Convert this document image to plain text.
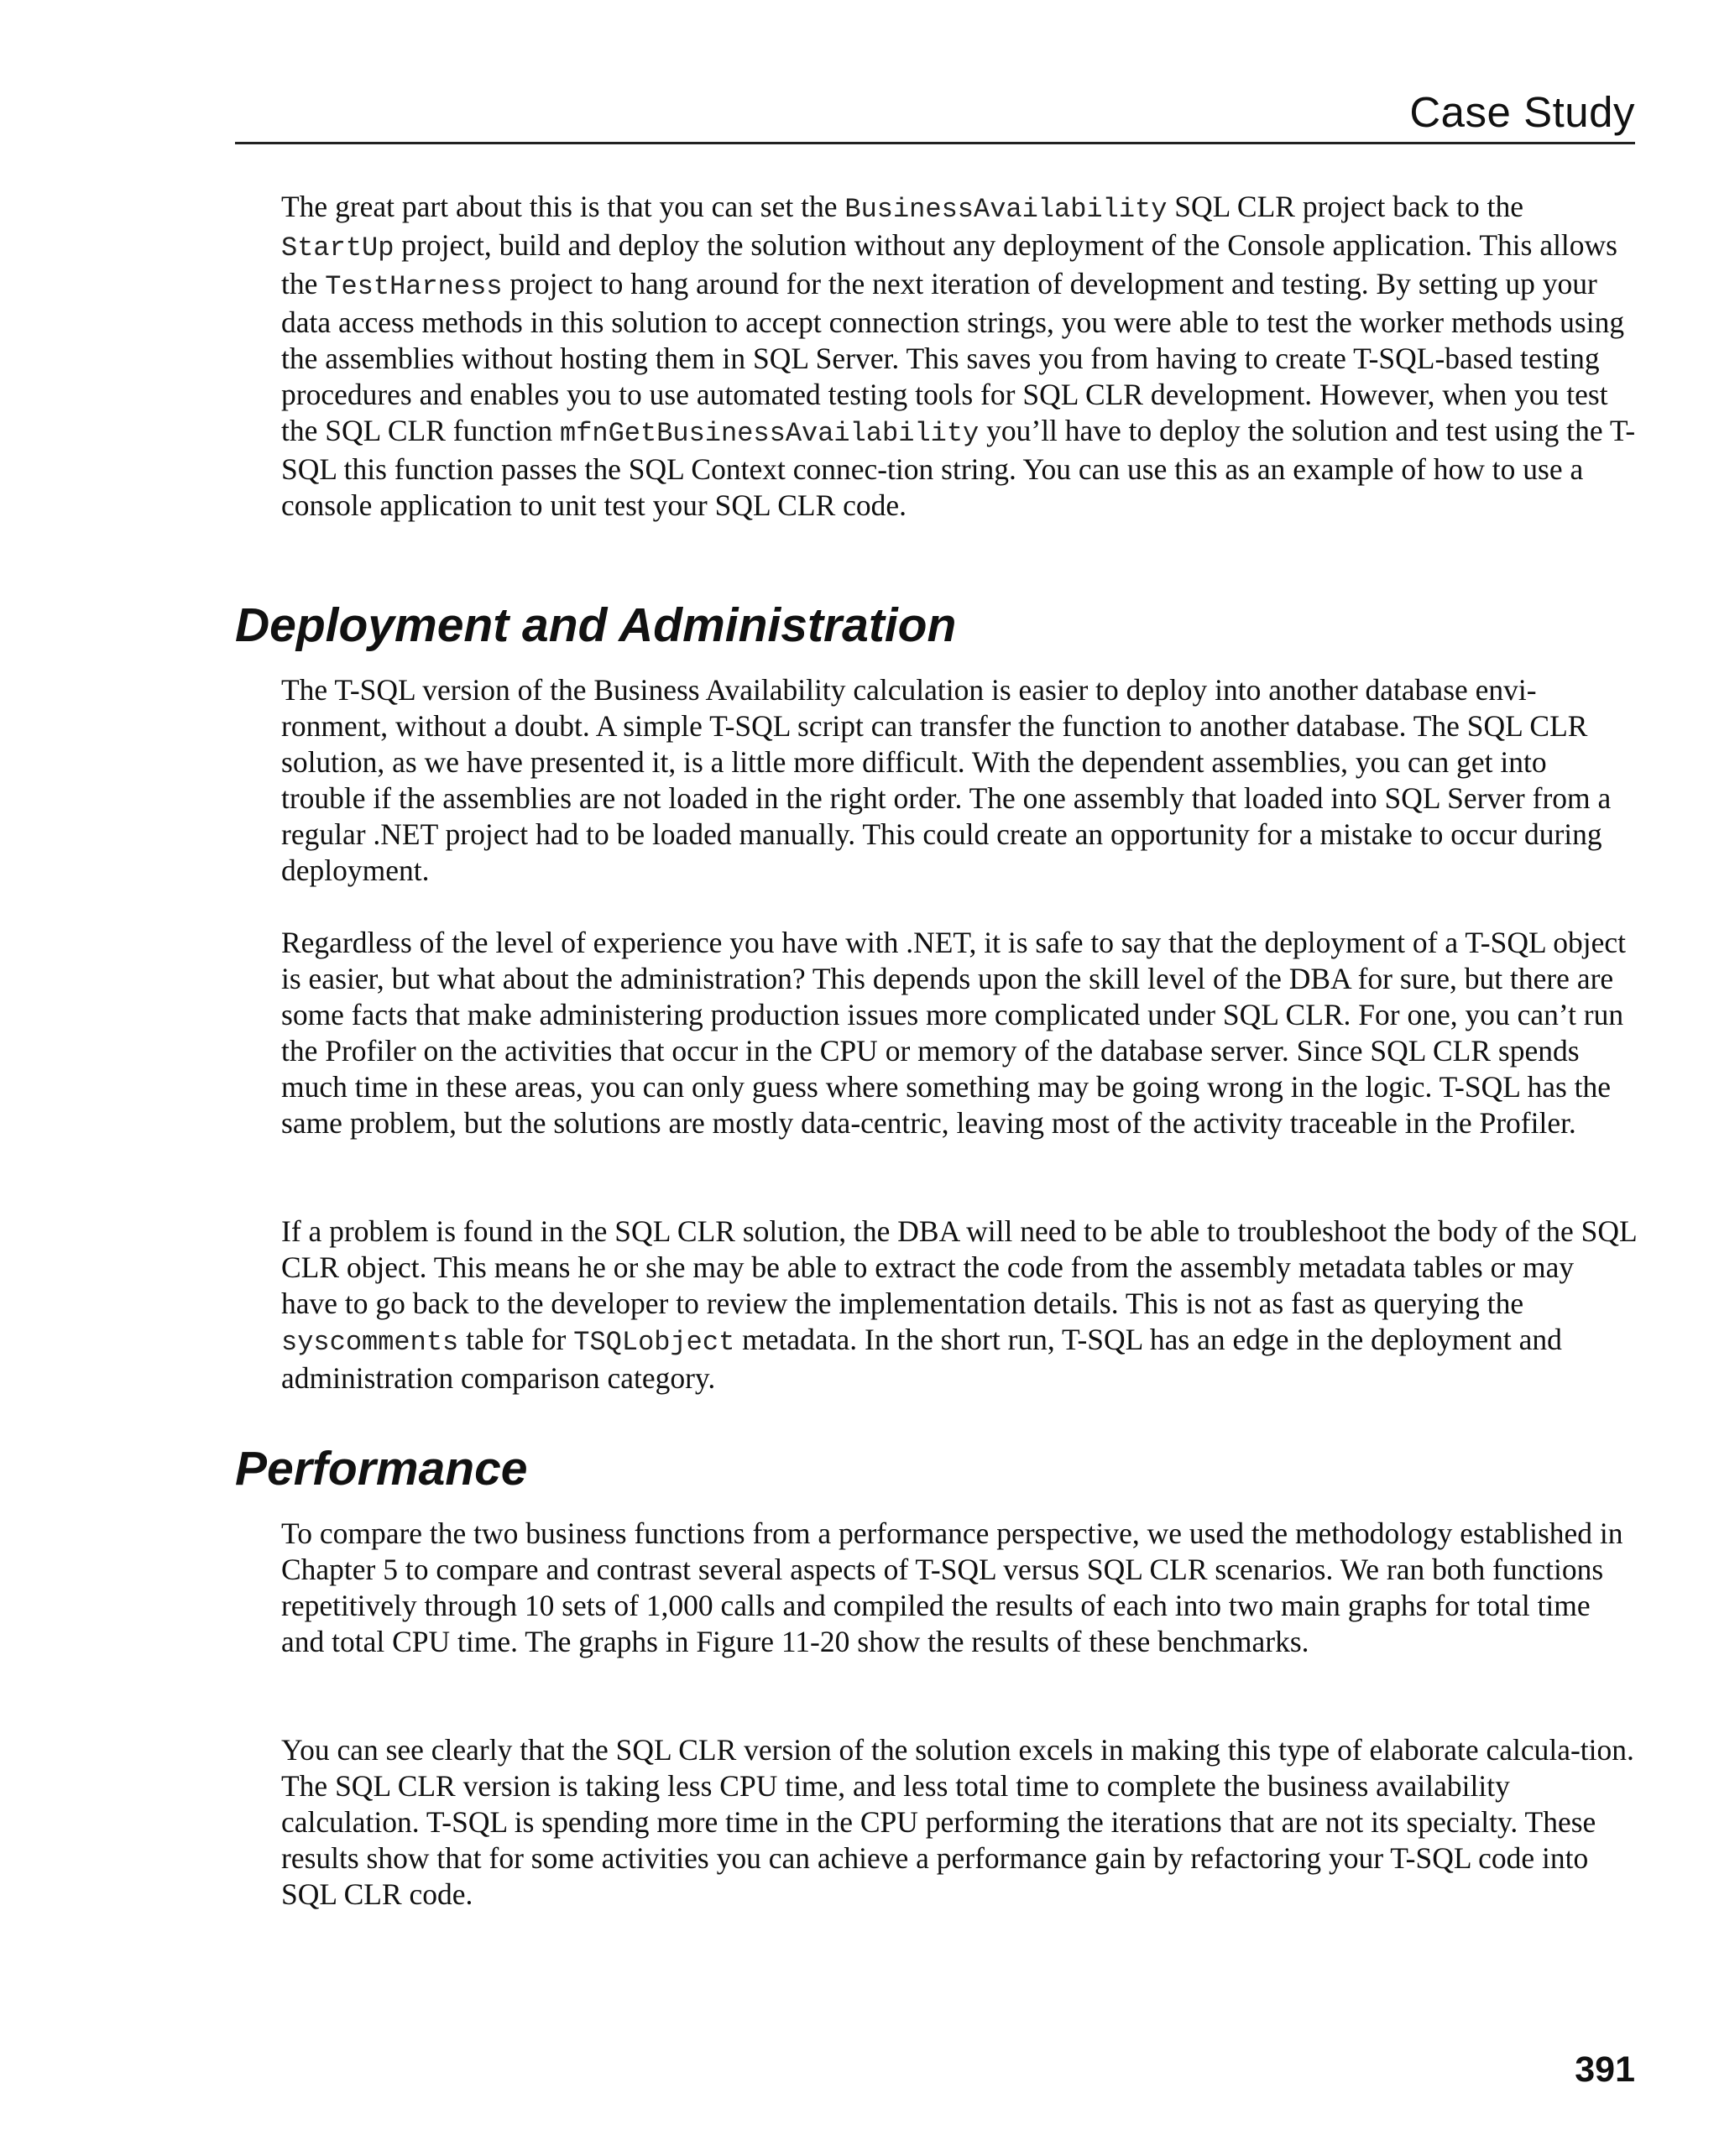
Case Study

The great part about this is that you can set the BusinessAvailability SQL CLR project back to the StartUp project, build and deploy the solution without any deployment of the Console application. This allows the TestHarness project to hang around for the next iteration of development and testing. By setting up your data access methods in this solution to accept connection strings, you were able to test the worker methods using the assemblies without hosting them in SQL Server. This saves you from having to create T-SQL-based testing procedures and enables you to use automated testing tools for SQL CLR development. However, when you test the SQL CLR function mfnGetBusinessAvailability you’ll have to deploy the solution and test using the T-SQL this function passes the SQL Context connec-tion string. You can use this as an example of how to use a console application to unit test your SQL CLR code.

Deployment and Administration

The T-SQL version of the Business Availability calculation is easier to deploy into another database envi-ronment, without a doubt. A simple T-SQL script can transfer the function to another database. The SQL CLR solution, as we have presented it, is a little more difficult. With the dependent assemblies, you can get into trouble if the assemblies are not loaded in the right order. The one assembly that loaded into SQL Server from a regular .NET project had to be loaded manually. This could create an opportunity for a mistake to occur during deployment.

Regardless of the level of experience you have with .NET, it is safe to say that the deployment of a T-SQL object is easier, but what about the administration? This depends upon the skill level of the DBA for sure, but there are some facts that make administering production issues more complicated under SQL CLR. For one, you can’t run the Profiler on the activities that occur in the CPU or memory of the database server. Since SQL CLR spends much time in these areas, you can only guess where something may be going wrong in the logic. T-SQL has the same problem, but the solutions are mostly data-centric, leaving most of the activity traceable in the Profiler.

If a problem is found in the SQL CLR solution, the DBA will need to be able to troubleshoot the body of the SQL CLR object. This means he or she may be able to extract the code from the assembly metadata tables or may have to go back to the developer to review the implementation details. This is not as fast as querying the syscomments table for TSQLobject metadata. In the short run, T-SQL has an edge in the deployment and administration comparison category.

Performance

To compare the two business functions from a performance perspective, we used the methodology established in Chapter 5 to compare and contrast several aspects of T-SQL versus SQL CLR scenarios. We ran both functions repetitively through 10 sets of 1,000 calls and compiled the results of each into two main graphs for total time and total CPU time. The graphs in Figure 11-20 show the results of these benchmarks.

You can see clearly that the SQL CLR version of the solution excels in making this type of elaborate calcula-tion. The SQL CLR version is taking less CPU time, and less total time to complete the business availability calculation. T-SQL is spending more time in the CPU performing the iterations that are not its specialty. These results show that for some activities you can achieve a performance gain by refactoring your T-SQL code into SQL CLR code.

391
